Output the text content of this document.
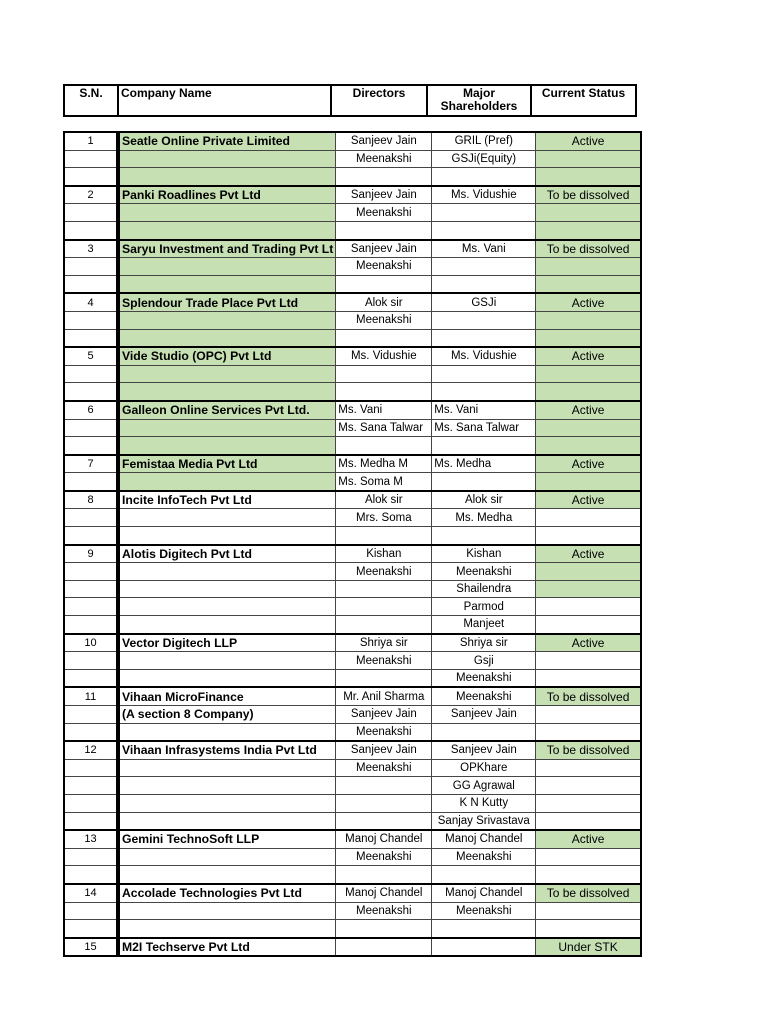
S.N.	Company Name	Directors	Major Shareholders	Current Status
1	Seatle Online Private Limited	Sanjeev Jain	GRIL (Pref)	Active
		Meenakshi	GSJi(Equity)	

2	Panki Roadlines Pvt Ltd	Sanjeev Jain	Ms. Vidushie	To be dissolved
		Meenakshi		

3	Saryu Investment and Trading Pvt Lt	Sanjeev Jain	Ms. Vani	To be dissolved
		Meenakshi		

4	Splendour Trade Place Pvt Ltd	Alok sir	GSJi	Active
		Meenakshi		

5	Vide Studio (OPC) Pvt Ltd	Ms. Vidushie	Ms. Vidushie	Active

6	Galleon Online Services Pvt Ltd.	Ms. Vani	Ms. Vani	Active
		Ms. Sana Talwar	Ms. Sana Talwar	

7	Femistaa Media Pvt Ltd	Ms. Medha M	Ms. Medha	Active
		Ms. Soma M		
8	Incite InfoTech Pvt Ltd	Alok sir	Alok sir	Active
		Mrs. Soma	Ms. Medha	

9	Alotis Digitech Pvt Ltd	Kishan	Kishan	Active
		Meenakshi	Meenakshi	
			Shailendra	
			Parmod	
			Manjeet	
10	Vector Digitech LLP	Shriya sir	Shriya sir	Active
		Meenakshi	Gsji	
			Meenakshi	
11	Vihaan MicroFinance	Mr. Anil Sharma	Meenakshi	To be dissolved
	(A section 8 Company)	Sanjeev Jain	Sanjeev Jain	
		Meenakshi		
12	Vihaan Infrasystems India Pvt Ltd	Sanjeev Jain	Sanjeev Jain	To be dissolved
		Meenakshi	OPKhare	
			GG Agrawal	
			K N Kutty	
			Sanjay Srivastava	
13	Gemini TechnoSoft LLP	Manoj Chandel	Manoj Chandel	Active
		Meenakshi	Meenakshi	

14	Accolade Technologies Pvt Ltd	Manoj Chandel	Manoj Chandel	To be dissolved
		Meenakshi	Meenakshi	

15	M2I Techserve Pvt Ltd			Under STK
